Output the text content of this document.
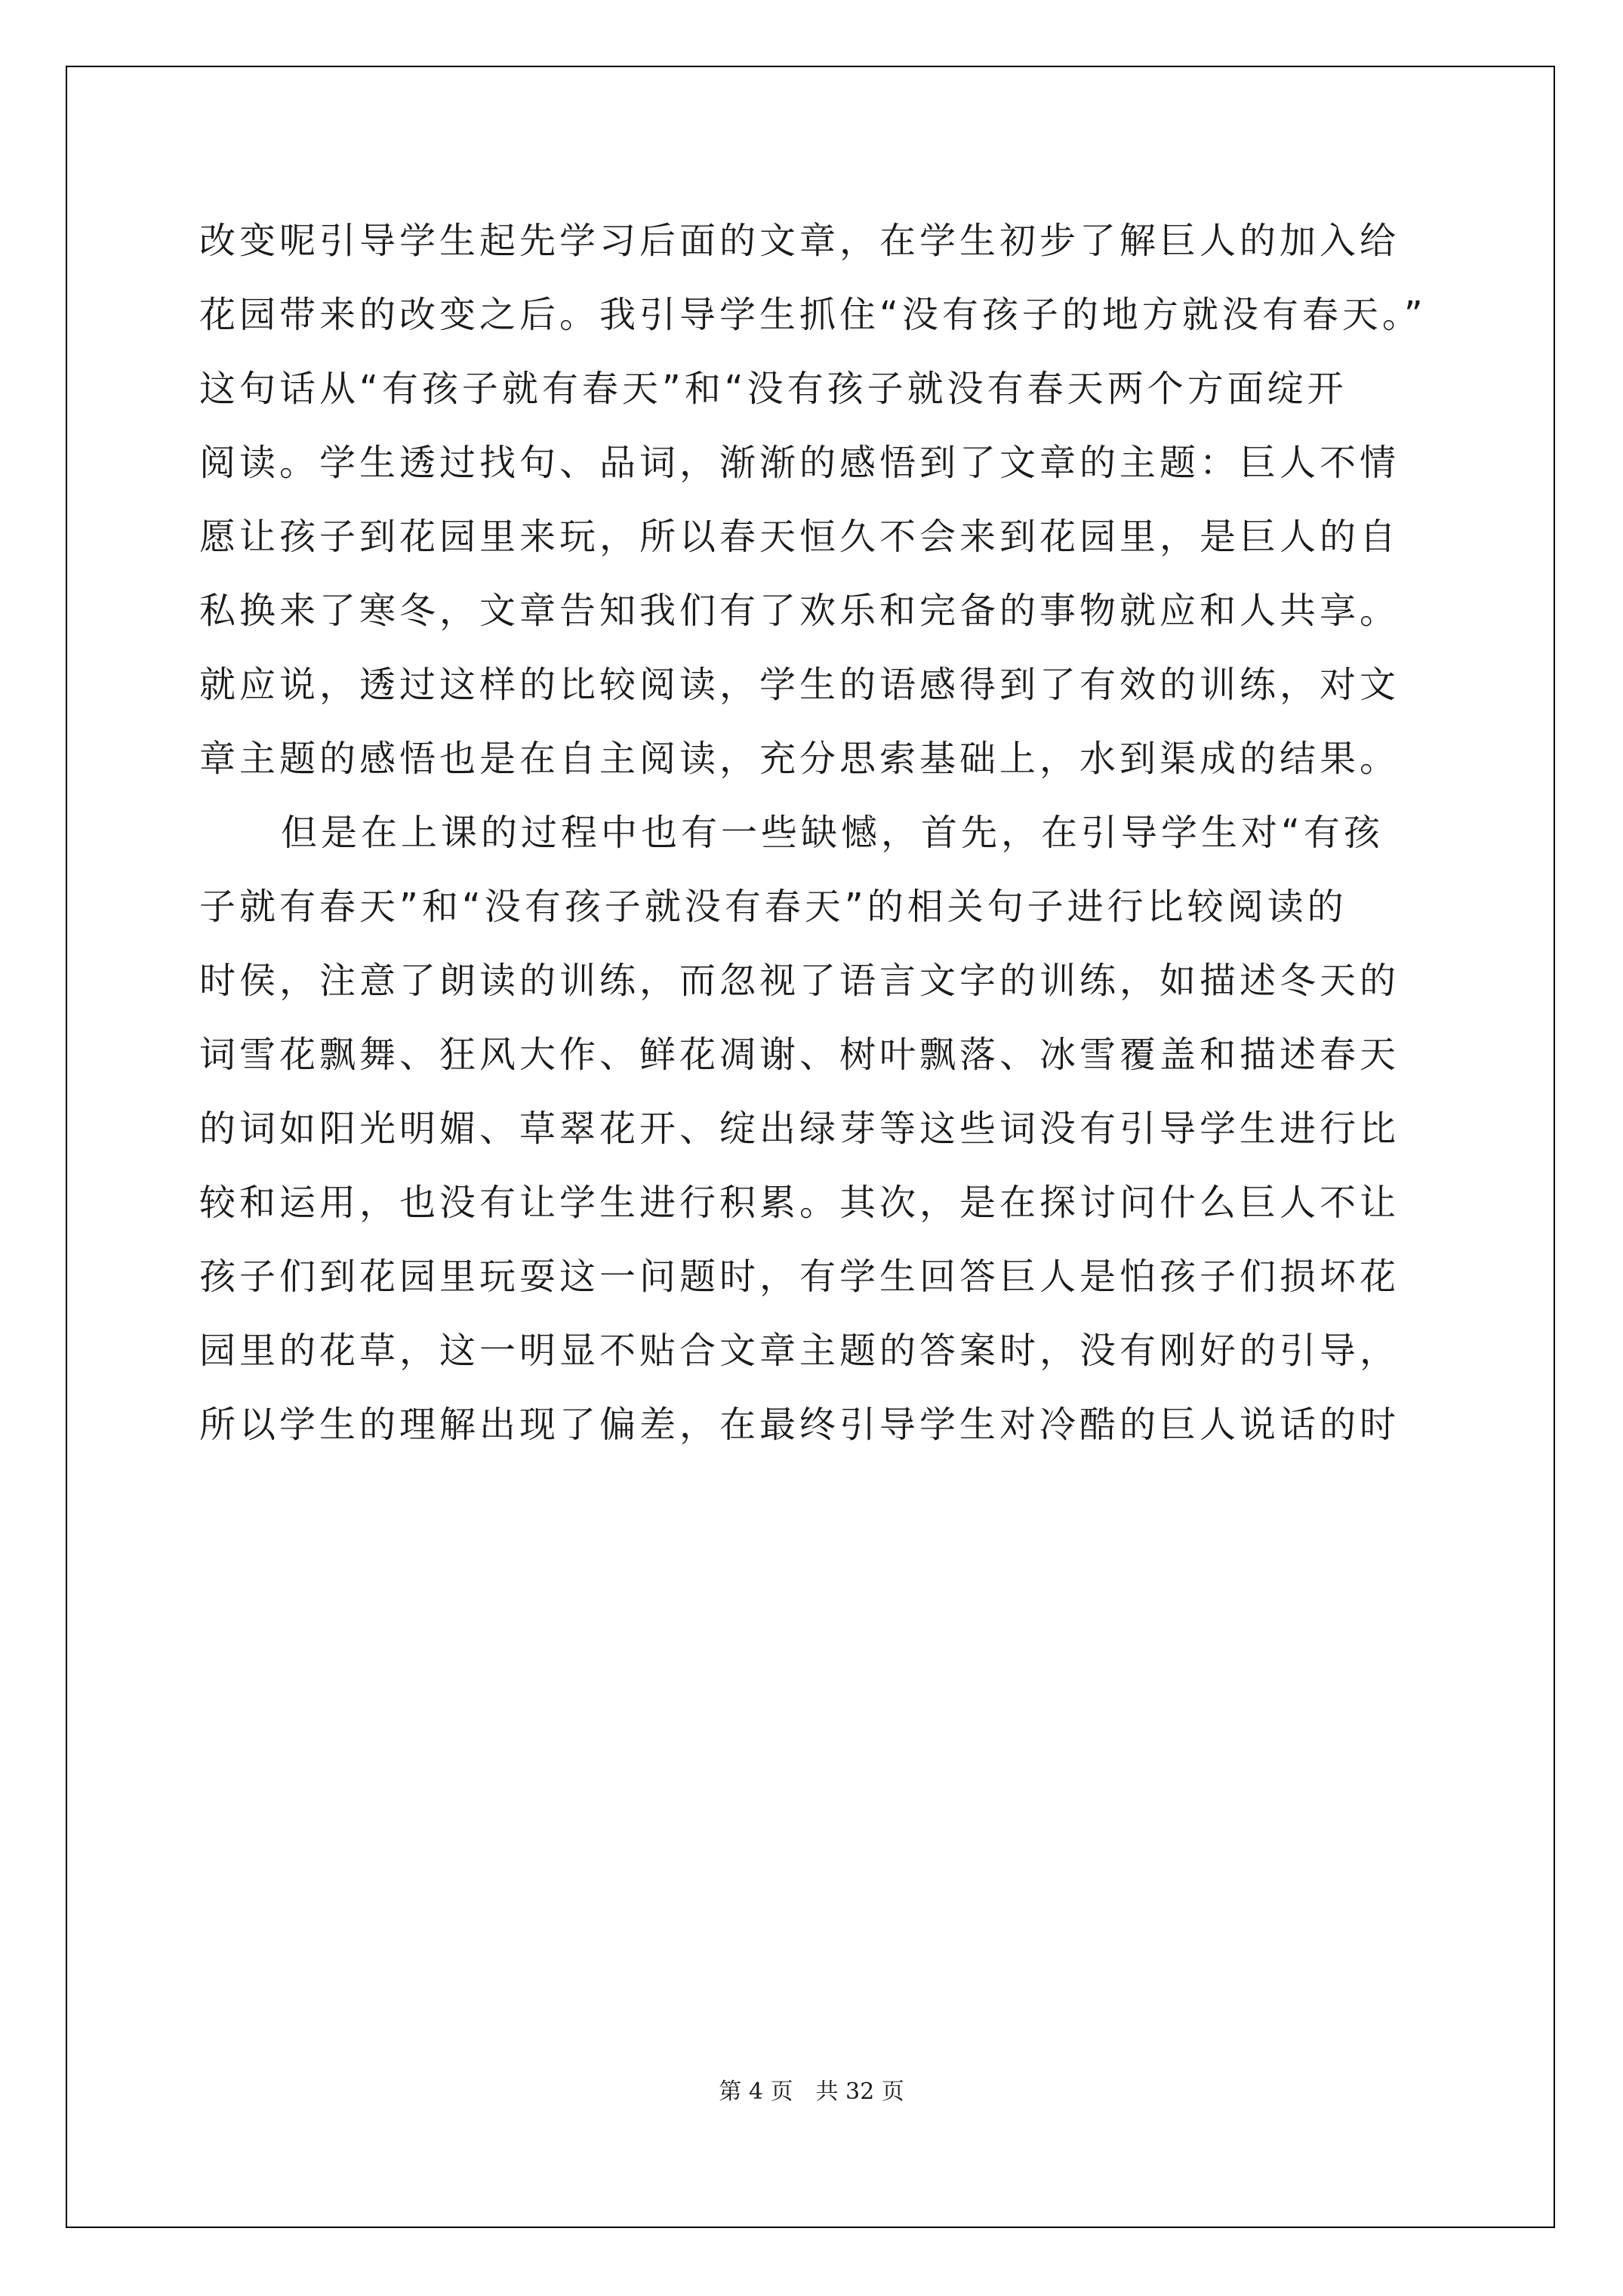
改变呢引导学生起先学习后面的文章，在学生初步了解巨人的加入给
花园带来的改变之后。我引导学生抓住“没有孩子的地方就没有春天。”
这句话从“有孩子就有春天”和“没有孩子就没有春天两个方面绽开
阅读。学生透过找句、品词，渐渐的感悟到了文章的主题：巨人不情
愿让孩子到花园里来玩，所以春天恒久不会来到花园里，是巨人的自
私换来了寒冬，文章告知我们有了欢乐和完备的事物就应和人共享。
就应说，透过这样的比较阅读，学生的语感得到了有效的训练，对文
章主题的感悟也是在自主阅读，充分思索基础上，水到渠成的结果。
但是在上课的过程中也有一些缺憾，首先，在引导学生对“有孩
子就有春天”和“没有孩子就没有春天”的相关句子进行比较阅读的
时侯，注意了朗读的训练，而忽视了语言文字的训练，如描述冬天的
词雪花飘舞、狂风大作、鲜花凋谢、树叶飘落、冰雪覆盖和描述春天
的词如阳光明媚、草翠花开、绽出绿芽等这些词没有引导学生进行比
较和运用，也没有让学生进行积累。其次，是在探讨问什么巨人不让
孩子们到花园里玩耍这一问题时，有学生回答巨人是怕孩子们损坏花
园里的花草，这一明显不贴合文章主题的答案时，没有刚好的引导，
所以学生的理解出现了偏差，在最终引导学生对冷酷的巨人说话的时
第 4 页　共 32 页
